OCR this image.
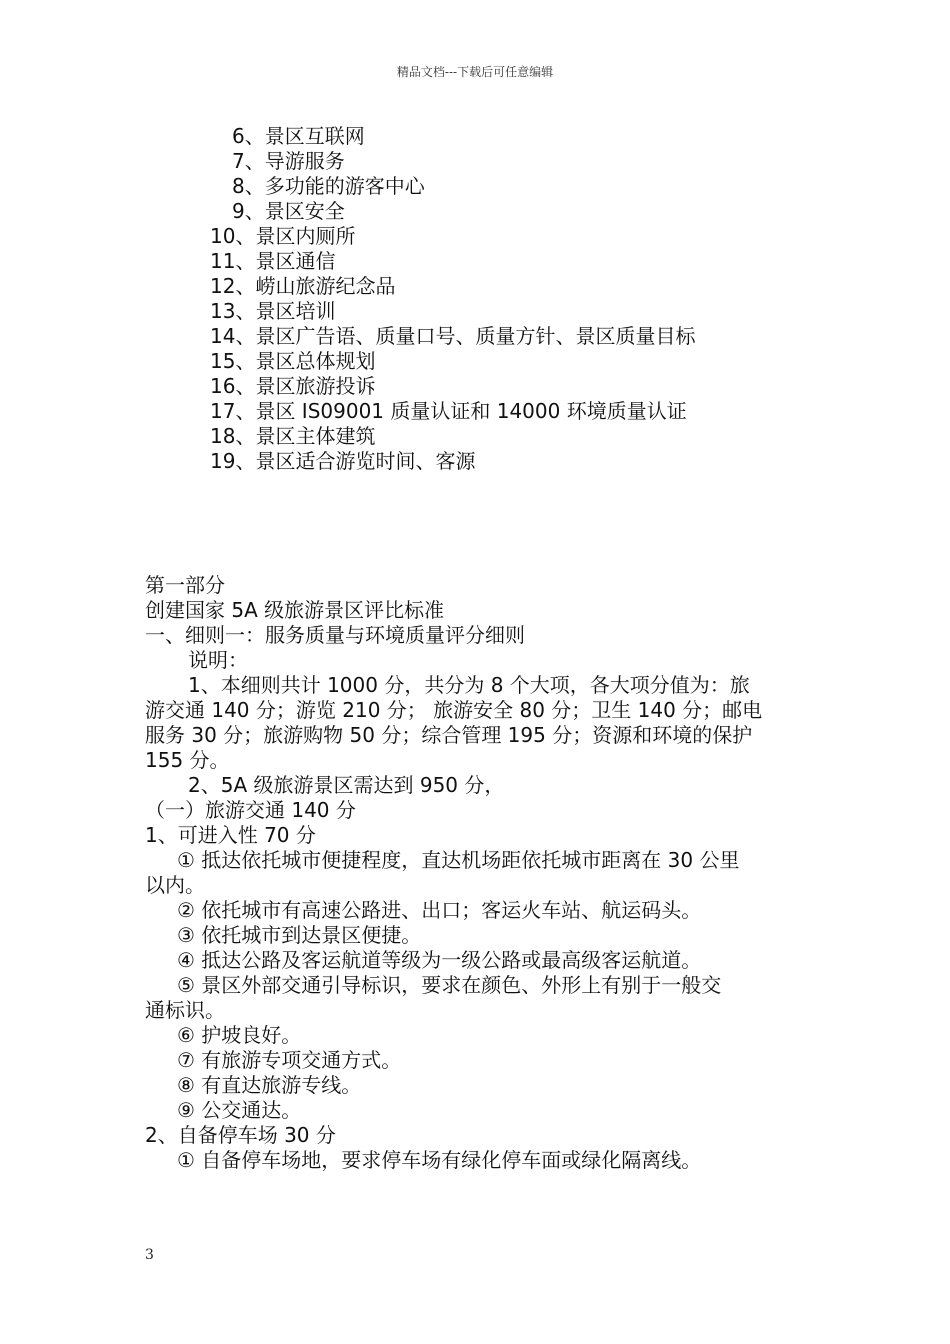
精品文档---下载后可任意编辑
6、景区互联网
7、导游服务
8、多功能的游客中心
9、景区安全
10、景区内厕所
11、景区通信
12、崂山旅游纪念品
13、景区培训
14、景区广告语、质量口号、质量方针、景区质量目标
15、景区总体规划
16、景区旅游投诉
17、景区 IS09001 质量认证和 14000 环境质量认证
18、景区主体建筑
19、景区适合游览时间、客源
第一部分
创建国家 5A 级旅游景区评比标准
一、细则一：服务质量与环境质量评分细则
说明：
1、本细则共计 1000 分，共分为 8 个大项，各大项分值为：旅
游交通 140 分；游览 210 分； 旅游安全 80 分；卫生 140 分；邮电
服务 30 分；旅游购物 50 分；综合管理 195 分；资源和环境的保护
155 分。
2、5A 级旅游景区需达到 950 分，
（一）旅游交通 140 分
1、可进入性 70 分
① 抵达依托城市便捷程度，直达机场距依托城市距离在 30 公里
以内。
② 依托城市有高速公路进、出口；客运火车站、航运码头。
③ 依托城市到达景区便捷。
④ 抵达公路及客运航道等级为一级公路或最高级客运航道。
⑤ 景区外部交通引导标识，要求在颜色、外形上有别于一般交
通标识。
⑥ 护坡良好。
⑦ 有旅游专项交通方式。
⑧ 有直达旅游专线。
⑨ 公交通达。
2、自备停车场 30 分
① 自备停车场地，要求停车场有绿化停车面或绿化隔离线。
3
